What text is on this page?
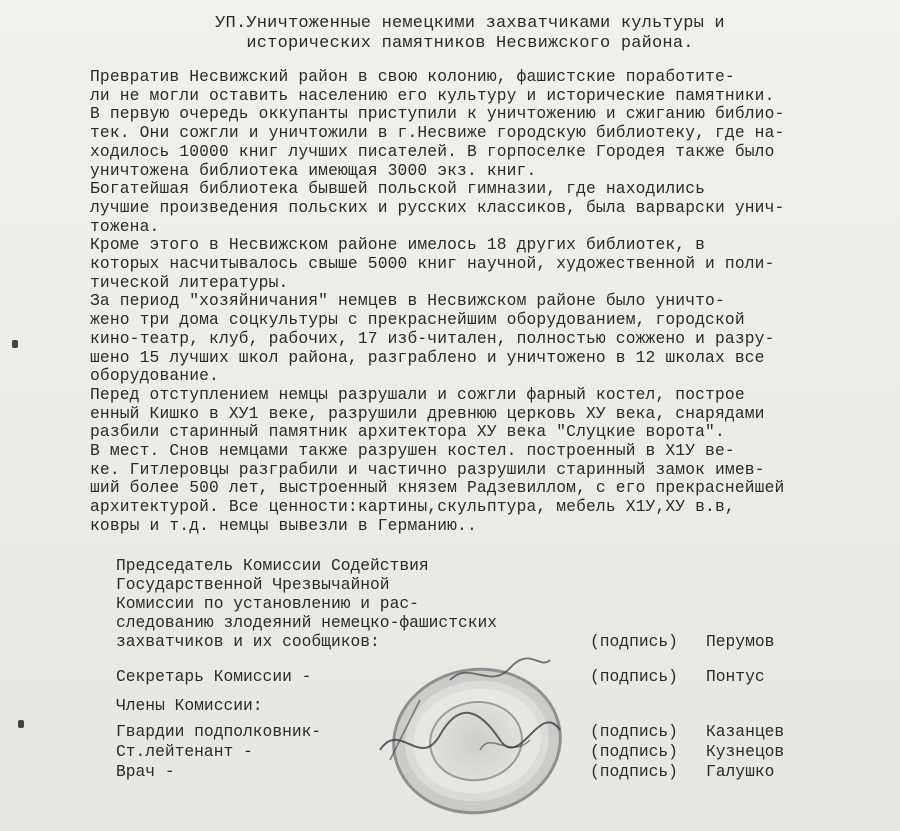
УП.Уничтоженные немецкими захватчиками культуры и
исторических памятников Несвижского района.

Превратив Несвижский район в свою колонию, фашистские поработите-

ли не могли оставить населению его культуру и исторические памятники.

В первую очередь оккупанты приступили к уничтожению и сжиганию библио-

тек. Они сожгли и уничтожили в г.Несвиже городскую библиотеку, где на-

ходилось 10000 книг лучших писателей. В горпоселке Городея также было

уничтожена библиотека имеющая 3000 экз. книг.

Богатейшая библиотека бывшей польской гимназии, где находились

лучшие произведения польских и русских классиков, была варварски унич-

тожена.

Кроме этого в Несвижском районе имелось 18 других библиотек, в

которых насчитывалось свыше 5000 книг научной, художественной и поли-

тической литературы.

За период "хозяйничания" немцев в Несвижском районе было уничто-

жено три дома соцкультуры с прекраснейшим оборудованием, городской

кино-театр, клуб, рабочих, 17 изб-читален, полностью сожжено и разру-

шено 15 лучших школ района, разграблено и уничтожено в 12 школах все

оборудование.

Перед отступлением немцы разрушали и сожгли фарный костел, построе

енный Кишко в ХУ1 веке, разрушили древнюю церковь ХУ века, снарядами

разбили старинный памятник архитектора ХУ века "Слуцкие ворота".

В мест. Снов немцами также разрушен костел. построенный в Х1У ве-

ке. Гитлеровцы разграбили и частично разрушили старинный замок имев-

ший более 500 лет, выстроенный князем Радзевиллом, с его прекраснейшей

архитектурой. Все ценности:картины,скульптура, мебель Х1У,ХУ в.в,

ковры и т.д. немцы вывезли в Германию..

Председатель Комиссии Содействия
Государственной Чрезвычайной
Комиссии по установлению и рас-
следованию злодеяний немецко-фашистских
захватчиков и их сообщиков:	(подпись) Перумов
Секретарь Комиссии -	(подпись) Понтус
Члены Комиссии:
Гвардии подполковник-	(подпись) Казанцев
Ст.лейтенант -	(подпись) Кузнецов
Врач -	(подпись) Галушко
